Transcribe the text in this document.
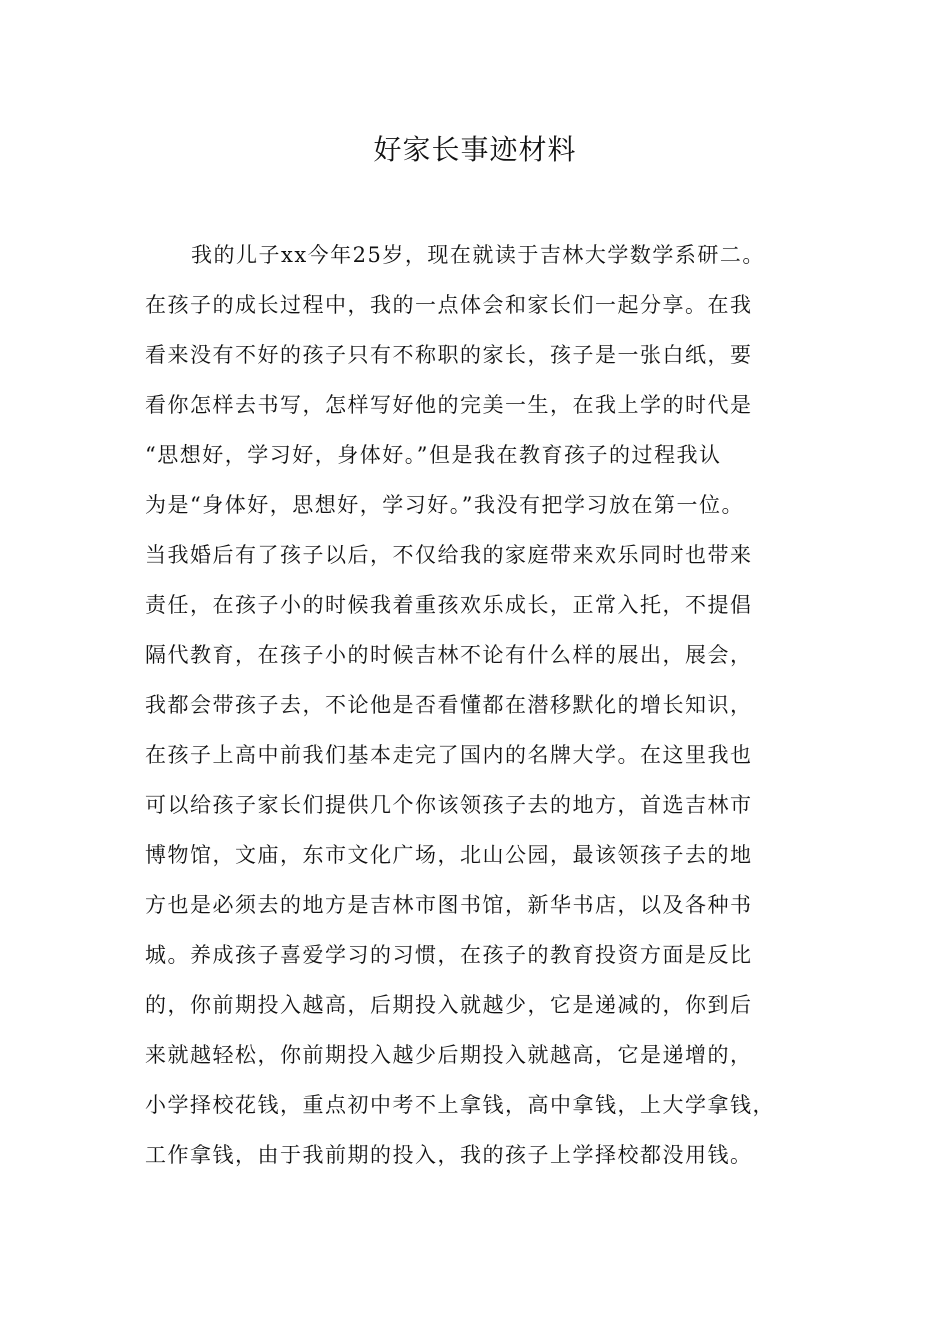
好家长事迹材料
我的儿子xx今年25岁，现在就读于吉林大学数学系研二。
在孩子的成长过程中，我的一点体会和家长们一起分享。在我
看来没有不好的孩子只有不称职的家长，孩子是一张白纸，要
看你怎样去书写，怎样写好他的完美一生，在我上学的时代是
“思想好，学习好，身体好。”但是我在教育孩子的过程我认
为是“身体好，思想好，学习好。”我没有把学习放在第一位。
当我婚后有了孩子以后，不仅给我的家庭带来欢乐同时也带来
责任，在孩子小的时候我着重孩欢乐成长，正常入托，不提倡
隔代教育，在孩子小的时候吉林不论有什么样的展出，展会，
我都会带孩子去，不论他是否看懂都在潜移默化的增长知识，
在孩子上高中前我们基本走完了国内的名牌大学。在这里我也
可以给孩子家长们提供几个你该领孩子去的地方，首选吉林市
博物馆，文庙，东市文化广场，北山公园，最该领孩子去的地
方也是必须去的地方是吉林市图书馆，新华书店，以及各种书
城。养成孩子喜爱学习的习惯，在孩子的教育投资方面是反比
的，你前期投入越高，后期投入就越少，它是递减的，你到后
来就越轻松，你前期投入越少后期投入就越高，它是递增的，
小学择校花钱，重点初中考不上拿钱，高中拿钱，上大学拿钱，
工作拿钱，由于我前期的投入，我的孩子上学择校都没用钱。
